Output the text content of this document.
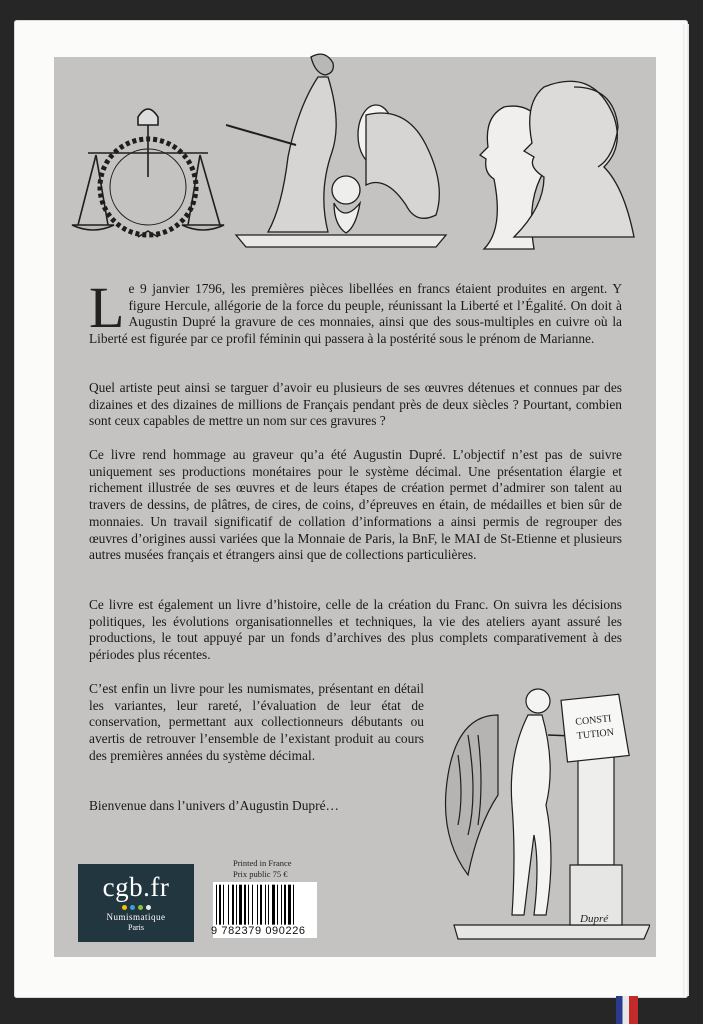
Le 9 janvier 1796, les premières pièces libellées en francs étaient produites en argent. Y figure Hercule, allégorie de la force du peuple, réunissant la Liberté et l’Égalité. On doit à Augustin Dupré la gravure de ces monnaies, ainsi que des sous-multiples en cuivre où la Liberté est figurée par ce profil féminin qui passera à la postérité sous le prénom de Marianne.

Quel artiste peut ainsi se targuer d’avoir eu plusieurs de ses œuvres détenues et connues par des dizaines et des dizaines de millions de Français pendant près de deux siècles ? Pourtant, combien sont ceux capables de mettre un nom sur ces gravures ?

Ce livre rend hommage au graveur qu’a été Augustin Dupré. L’objectif n’est pas de suivre uniquement ses productions monétaires pour le système décimal. Une présentation élargie et richement illustrée de ses œuvres et de leurs étapes de création permet d’admirer son talent au travers de dessins, de plâtres, de cires, de coins, d’épreuves en étain, de médailles et bien sûr de monnaies. Un travail significatif de collation d’informations a ainsi permis de regrouper des œuvres d’origines aussi variées que la Monnaie de Paris, la BnF, le MAI de St-Etienne et plusieurs autres musées français et étrangers ainsi que de collections particulières.

Ce livre est également un livre d’histoire, celle de la création du Franc. On suivra les décisions politiques, les évolutions organisationnelles et techniques, la vie des ateliers ayant assuré les productions, le tout appuyé par un fonds d’archives des plus complets comparativement à des périodes plus récentes.

C’est enfin un livre pour les numismates, présentant en détail les variantes, leur rareté, l’évaluation de leur état de conservation, permettant aux collectionneurs débutants ou avertis de retrouver l’ensemble de l’existant produit au cours des premières années du système décimal.

Bienvenue dans l’univers d’Augustin Dupré…

CONSTI
TUTION
Dupré
cgb.fr
Numismatique
Paris
Printed in France
Prix public 75 €
9 782379 090226
